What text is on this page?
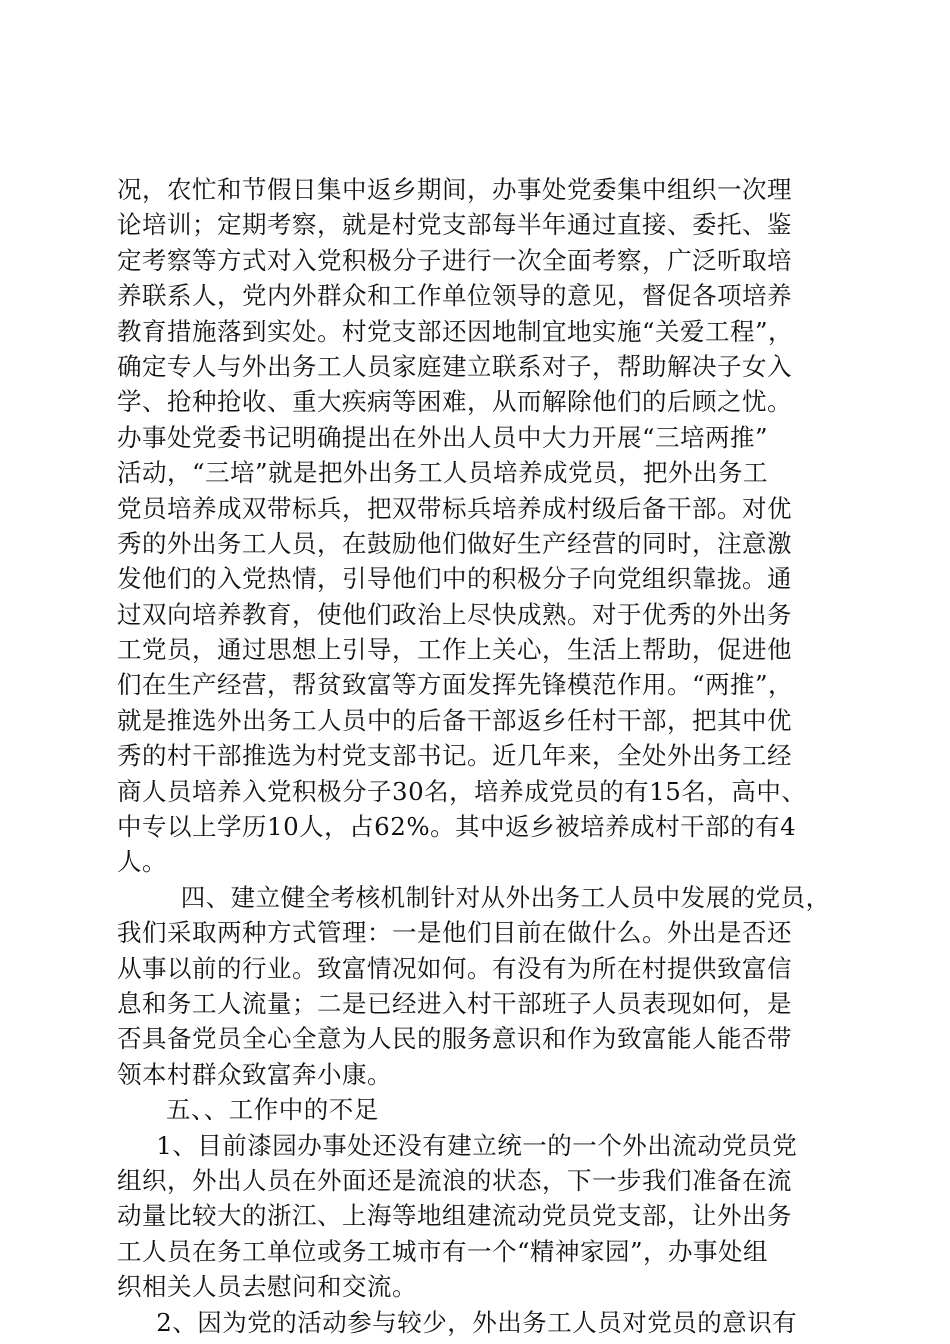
况，农忙和节假日集中返乡期间，办事处党委集中组织一次理
论培训；定期考察，就是村党支部每半年通过直接、委托、鉴
定考察等方式对入党积极分子进行一次全面考察，广泛听取培
养联系人，党内外群众和工作单位领导的意见，督促各项培养
教育措施落到实处。村党支部还因地制宜地实施“关爱工程”，
确定专人与外出务工人员家庭建立联系对子，帮助解决子女入
学、抢种抢收、重大疾病等困难，从而解除他们的后顾之忧。
办事处党委书记明确提出在外出人员中大力开展“三培两推”
活动，“三培”就是把外出务工人员培养成党员，把外出务工
党员培养成双带标兵，把双带标兵培养成村级后备干部。对优
秀的外出务工人员，在鼓励他们做好生产经营的同时，注意激
发他们的入党热情，引导他们中的积极分子向党组织靠拢。通
过双向培养教育，使他们政治上尽快成熟。对于优秀的外出务
工党员，通过思想上引导，工作上关心，生活上帮助，促进他
们在生产经营，帮贫致富等方面发挥先锋模范作用。“两推”，
就是推选外出务工人员中的后备干部返乡任村干部，把其中优
秀的村干部推选为村党支部书记。近几年来，全处外出务工经
商人员培养入党积极分子30名，培养成党员的有15名，高中、
中专以上学历10人，占62%。其中返乡被培养成村干部的有4
人。

四、建立健全考核机制针对从外出务工人员中发展的党员，
我们采取两种方式管理：一是他们目前在做什么。外出是否还
从事以前的行业。致富情况如何。有没有为所在村提供致富信
息和务工人流量；二是已经进入村干部班子人员表现如何，是
否具备党员全心全意为人民的服务意识和作为致富能人能否带
领本村群众致富奔小康。

五、、工作中的不足

1、目前漆园办事处还没有建立统一的一个外出流动党员党
组织，外出人员在外面还是流浪的状态，下一步我们准备在流
动量比较大的浙江、上海等地组建流动党员党支部，让外出务
工人员在务工单位或务工城市有一个“精神家园”，办事处组
织相关人员去慰问和交流。

2、因为党的活动参与较少，外出务工人员对党员的意识有
